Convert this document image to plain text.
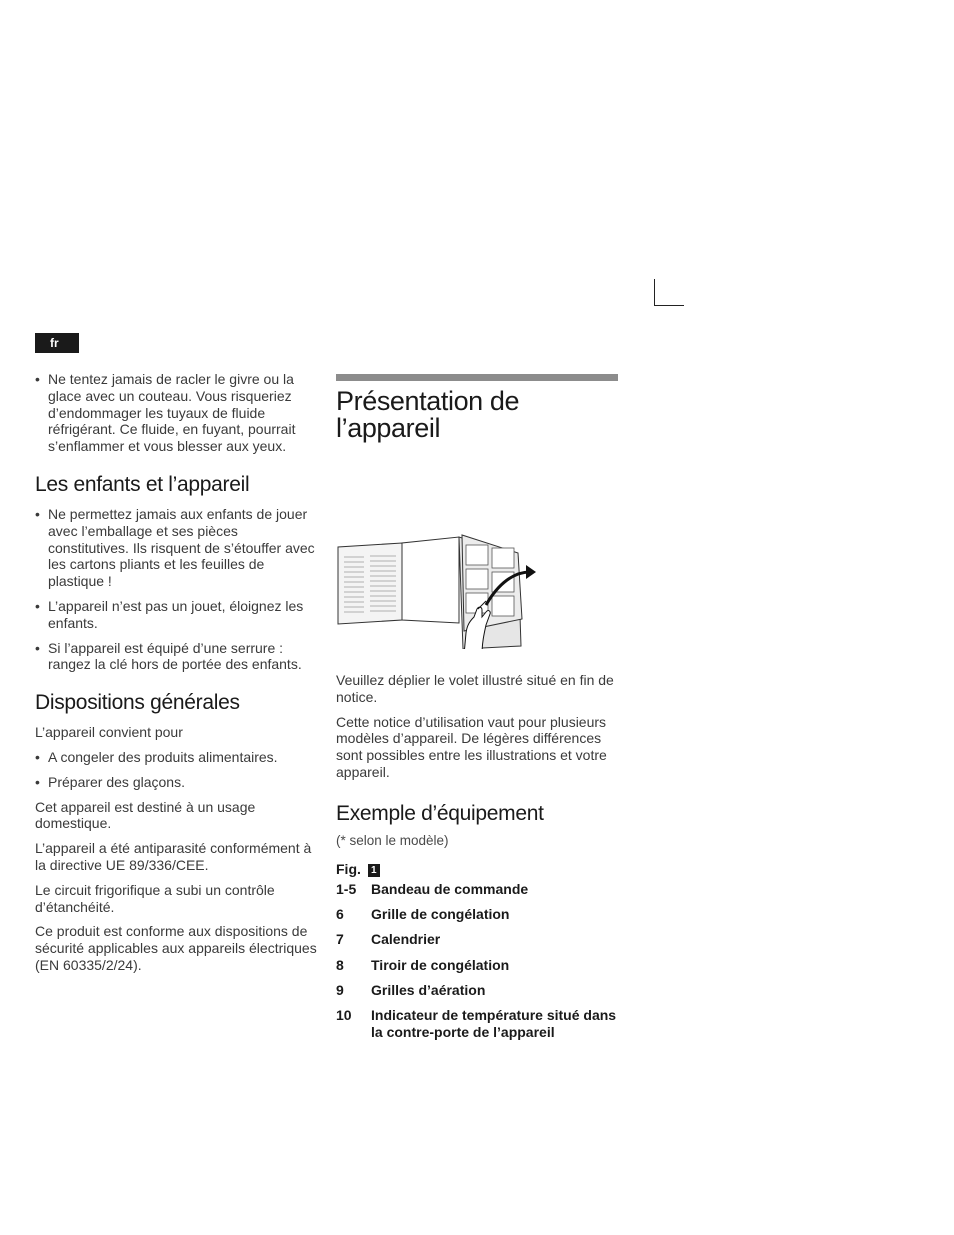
fr
• Ne tentez jamais de racler le givre ou la glace avec un couteau. Vous risqueriez d’endommager les tuyaux de fluide réfrigérant. Ce fluide, en fuyant, pourrait s’enflammer et vous blesser aux yeux.
Les enfants et l’appareil
• Ne permettez jamais aux enfants de jouer avec l’emballage et ses pièces constitutives. Ils risquent de s’étouffer avec les cartons pliants et les feuilles de plastique !
• L’appareil n’est pas un jouet, éloignez les enfants.
• Si l’appareil est équipé d’une serrure : rangez la clé hors de portée des enfants.
Dispositions générales

L’appareil convient pour

• A congeler des produits alimentaires.
• Préparer des glaçons.

Cet appareil est destiné à un usage domestique.

L’appareil a été antiparasité conformément à la directive UE 89/336/CEE.

Le circuit frigorifique a subi un contrôle d’étanchéité.

Ce produit est conforme aux dispositions de sécurité applicables aux appareils électriques (EN 60335/2/24).

Présentation de l’appareil

Veuillez déplier le volet illustré situé en fin de notice.

Cette notice d’utilisation vaut pour plusieurs modèles d’appareil. De légères différences sont possibles entre les illustrations et votre appareil.

Exemple d’équipement

(* selon le modèle)

Fig. 1
1-5	Bandeau de commande
6	Grille de congélation
7	Calendrier
8	Tiroir de congélation
9	Grilles d’aération
10	Indicateur de température situé dans la contre-porte de l’appareil
